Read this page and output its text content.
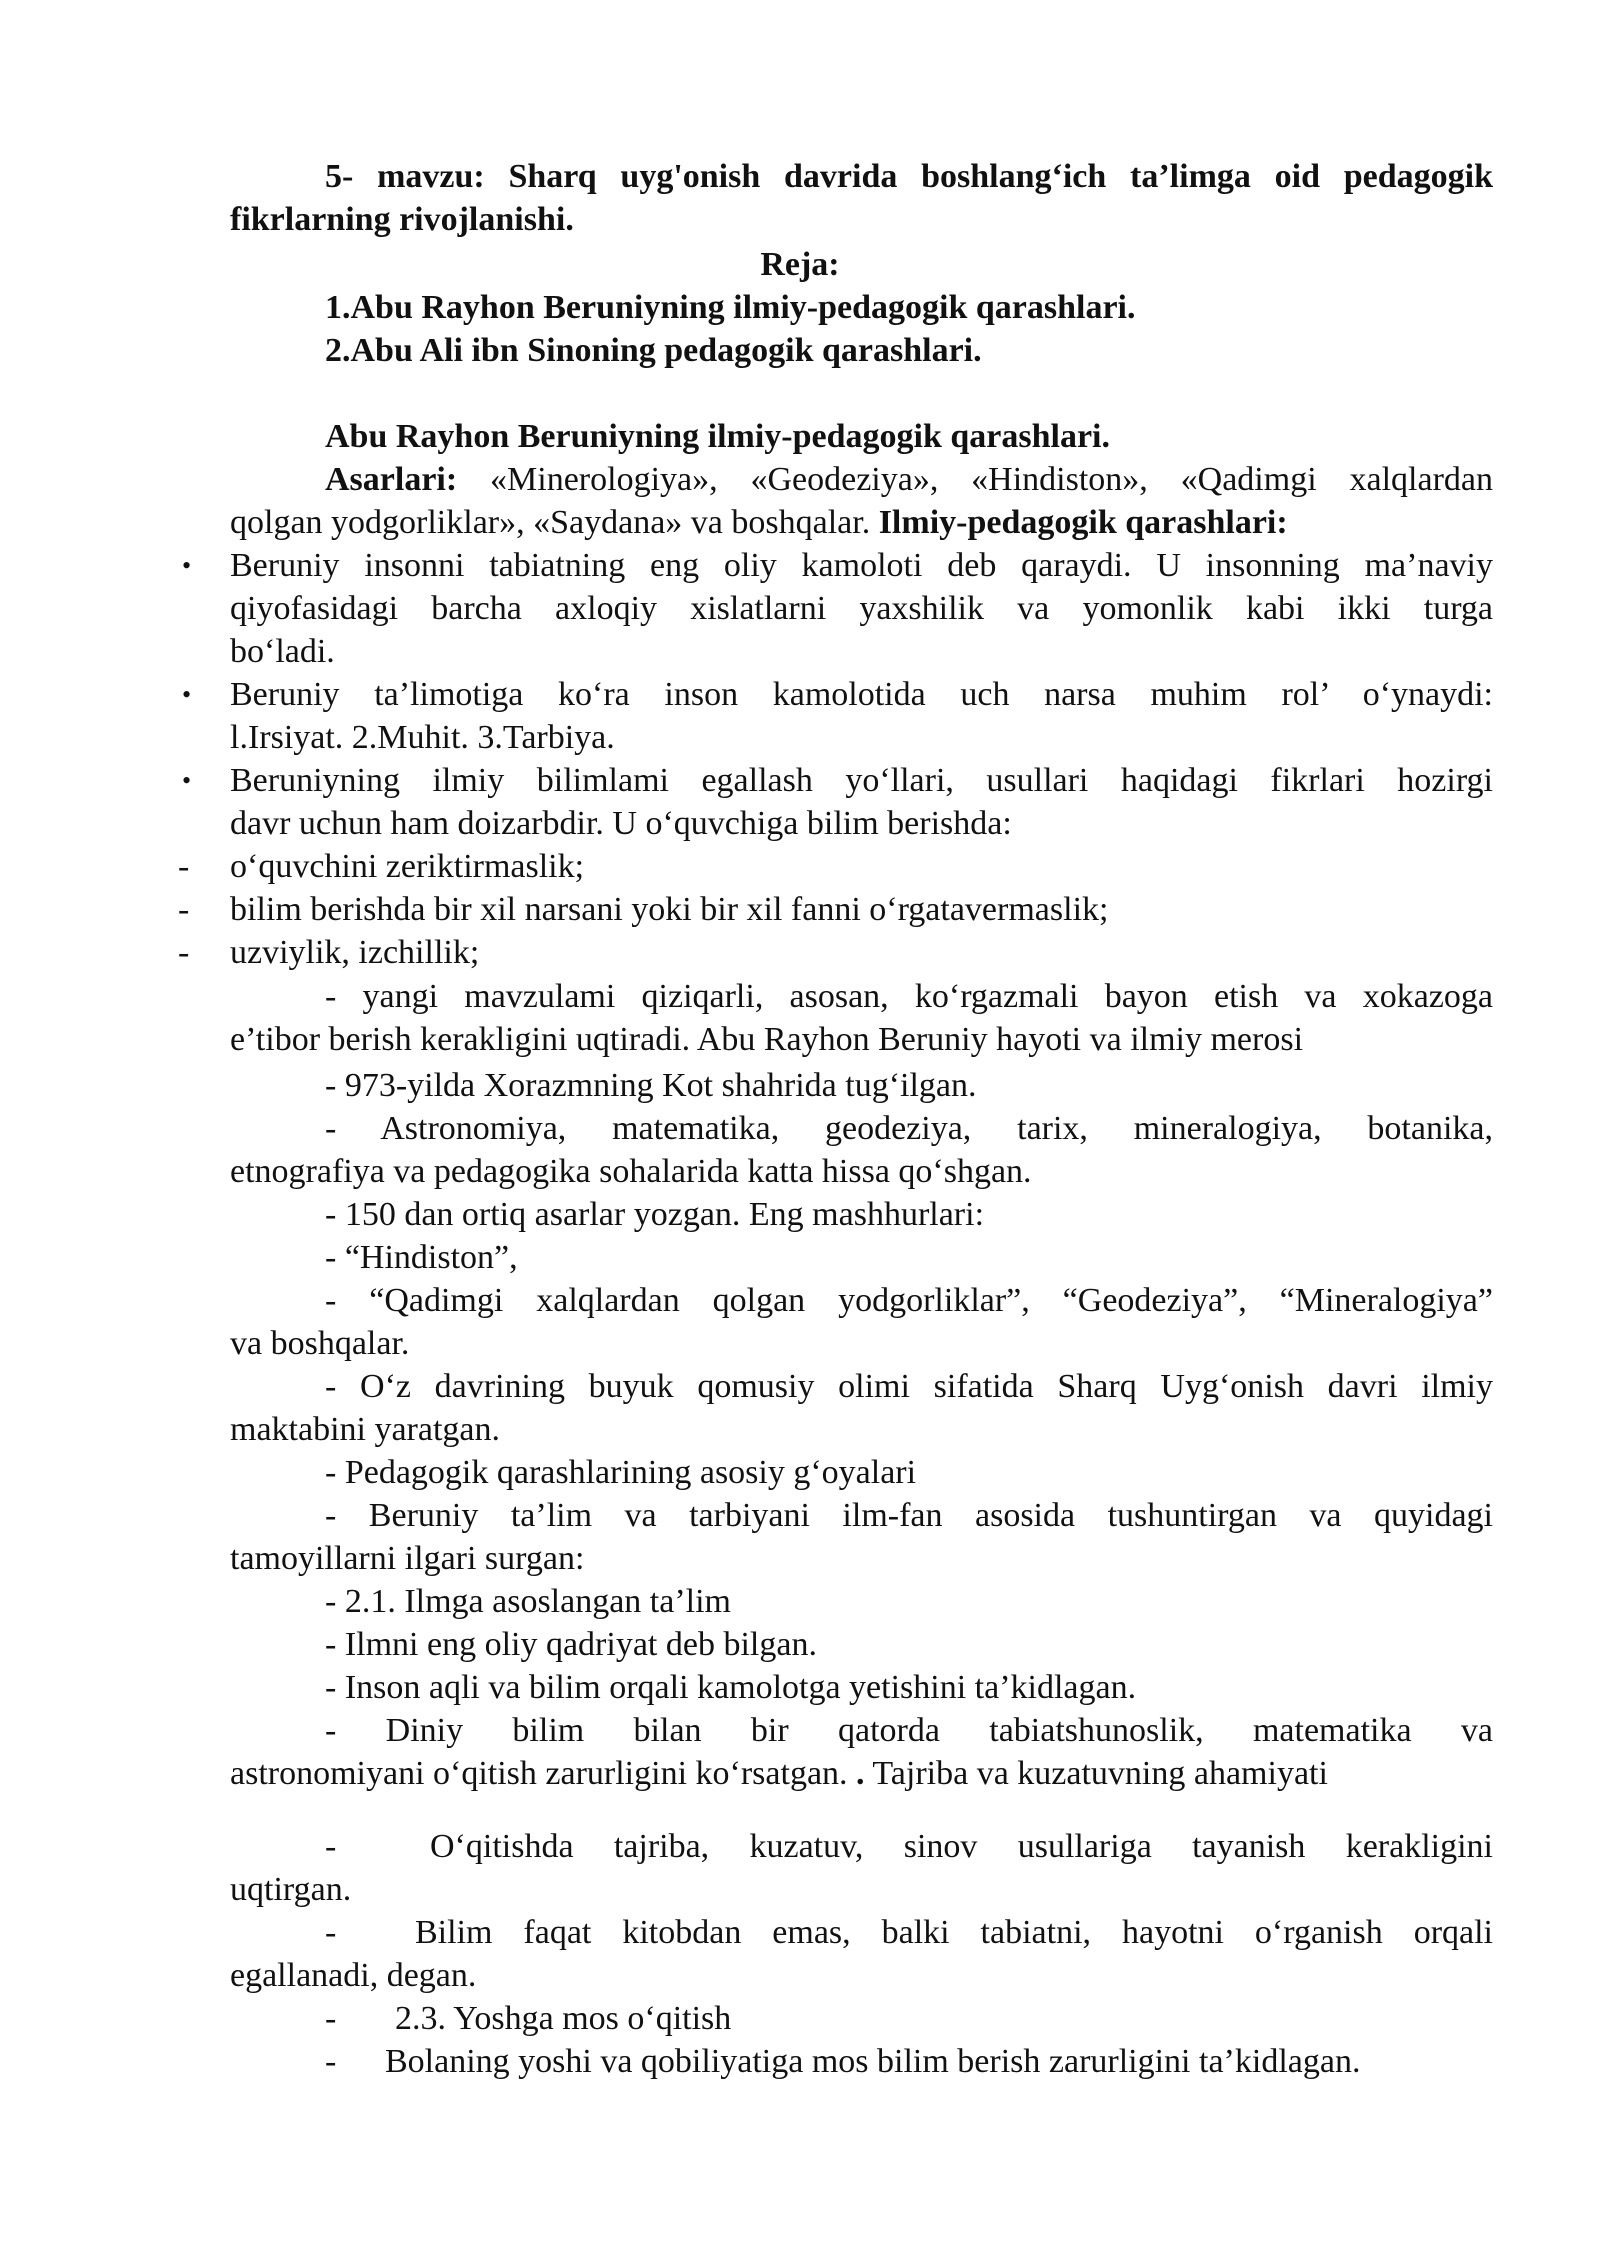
5- mavzu: Sharq uyg'onish davrida boshlang‘ich ta’limga oid pedagogik
fikrlarning rivojlanishi.
Reja:
1.Abu Rayhon Beruniyning ilmiy-pedagogik qarashlari.
2.Abu Ali ibn Sinoning pedagogik qarashlari.
Abu Rayhon Beruniyning ilmiy-pedagogik qarashlari.
Asarlari: «Minerologiya», «Geodeziya», «Hindiston», «Qadimgi xalqlardan
qolgan yodgorliklar», «Saydana» va boshqalar. Ilmiy-pedagogik qarashlari:
• Beruniy insonni tabiatning eng oliy kamoloti deb qaraydi. U insonning ma’naviy
qiyofasidagi barcha axloqiy xislatlarni yaxshilik va yomonlik kabi ikki turga
bo‘ladi.
• Beruniy ta’limotiga ko‘ra inson kamolotida uch narsa muhim rol’ o‘ynaydi:
l.Irsiyat. 2.Muhit. 3.Tarbiya.
• Beruniyning ilmiy bilimlami egallash yo‘llari, usullari haqidagi fikrlari hozirgi
davr uchun ham doizarbdir. U o‘quvchiga bilim berishda:
- o‘quvchini zeriktirmaslik;
- bilim berishda bir xil narsani yoki bir xil fanni o‘rgatavermaslik;
- uzviylik, izchillik;
- yangi mavzulami qiziqarli, asosan, ko‘rgazmali bayon etish va xokazoga
e’tibor berish kerakligini uqtiradi. Abu Rayhon Beruniy hayoti va ilmiy merosi
- 973-yilda Xorazmning Kot shahrida tug‘ilgan.
- Astronomiya, matematika, geodeziya, tarix, mineralogiya, botanika,
etnografiya va pedagogika sohalarida katta hissa qo‘shgan.
- 150 dan ortiq asarlar yozgan. Eng mashhurlari:
- “Hindiston”,
- “Qadimgi xalqlardan qolgan yodgorliklar”, “Geodeziya”, “Mineralogiya”
va boshqalar.
- O‘z davrining buyuk qomusiy olimi sifatida Sharq Uyg‘onish davri ilmiy
maktabini yaratgan.
- Pedagogik qarashlarining asosiy g‘oyalari
- Beruniy ta’lim va tarbiyani ilm-fan asosida tushuntirgan va quyidagi
tamoyillarni ilgari surgan:
- 2.1. Ilmga asoslangan ta’lim
- Ilmni eng oliy qadriyat deb bilgan.
- Inson aqli va bilim orqali kamolotga yetishini ta’kidlagan.
- Diniy bilim bilan bir qatorda tabiatshunoslik, matematika va
astronomiyani o‘qitish zarurligini ko‘rsatgan. . Tajriba va kuzatuvning ahamiyati
-	O‘qitishda tajriba, kuzatuv, sinov usullariga tayanish kerakligini
uqtirgan.
- Bilim faqat kitobdan emas, balki tabiatni, hayotni o‘rganish orqali
egallanadi, degan.
- 2.3. Yoshga mos o‘qitish
- Bolaning yoshi va qobiliyatiga mos bilim berish zarurligini ta’kidlagan.
